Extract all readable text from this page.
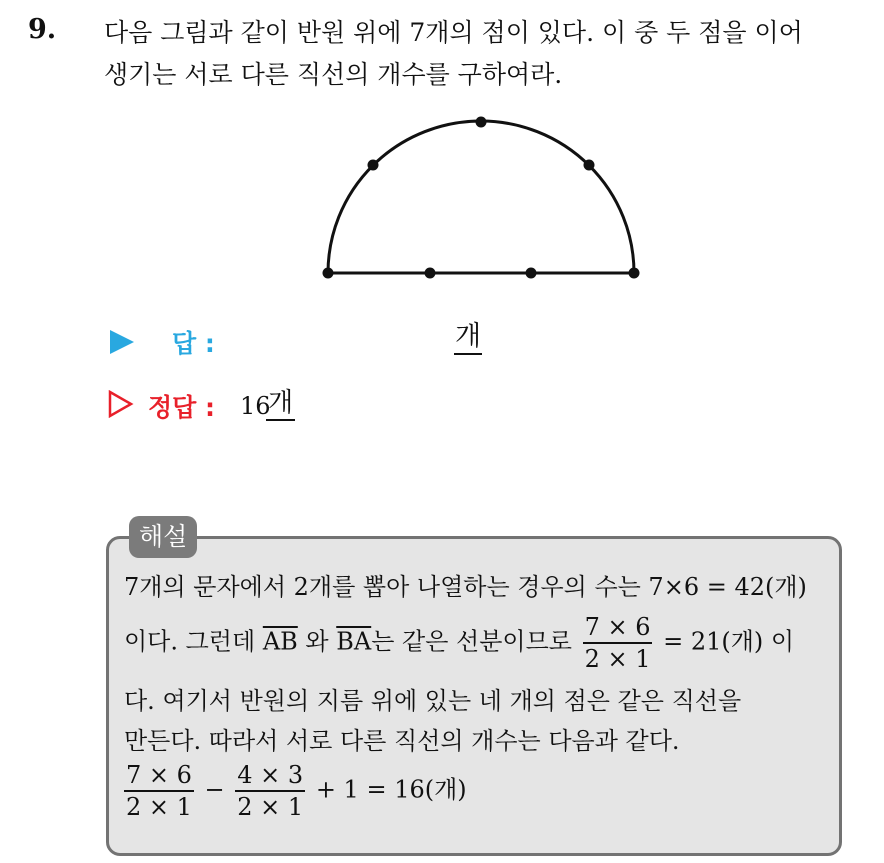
9. 다음 그림과 같이 반원 위에 7개의 점이 있다. 이 중 두 점을 이어
생기는 서로 다른 직선의 개수를 구하여라.
답 :	개
정답 : 16
개
해설
7개의 문자에서 2개를 뽑아 나열하는 경우의 수는 7×6 = 42(개)
이다. 그런데 $\overline{AB}$ 와 $\overline{BA}$는 같은 선분이므로 $\frac{7 \times 6}{2 \times 1} = 21$(개) 이
다. 여기서 반원의 지름 위에 있는 네 개의 점은 같은 직선을
만든다. 따라서 서로 다른 직선의 개수는 다음과 같다.
$\frac{7 \times 6}{2 \times 1} - \frac{4 \times 3}{2 \times 1} + 1 = 16$(개)
